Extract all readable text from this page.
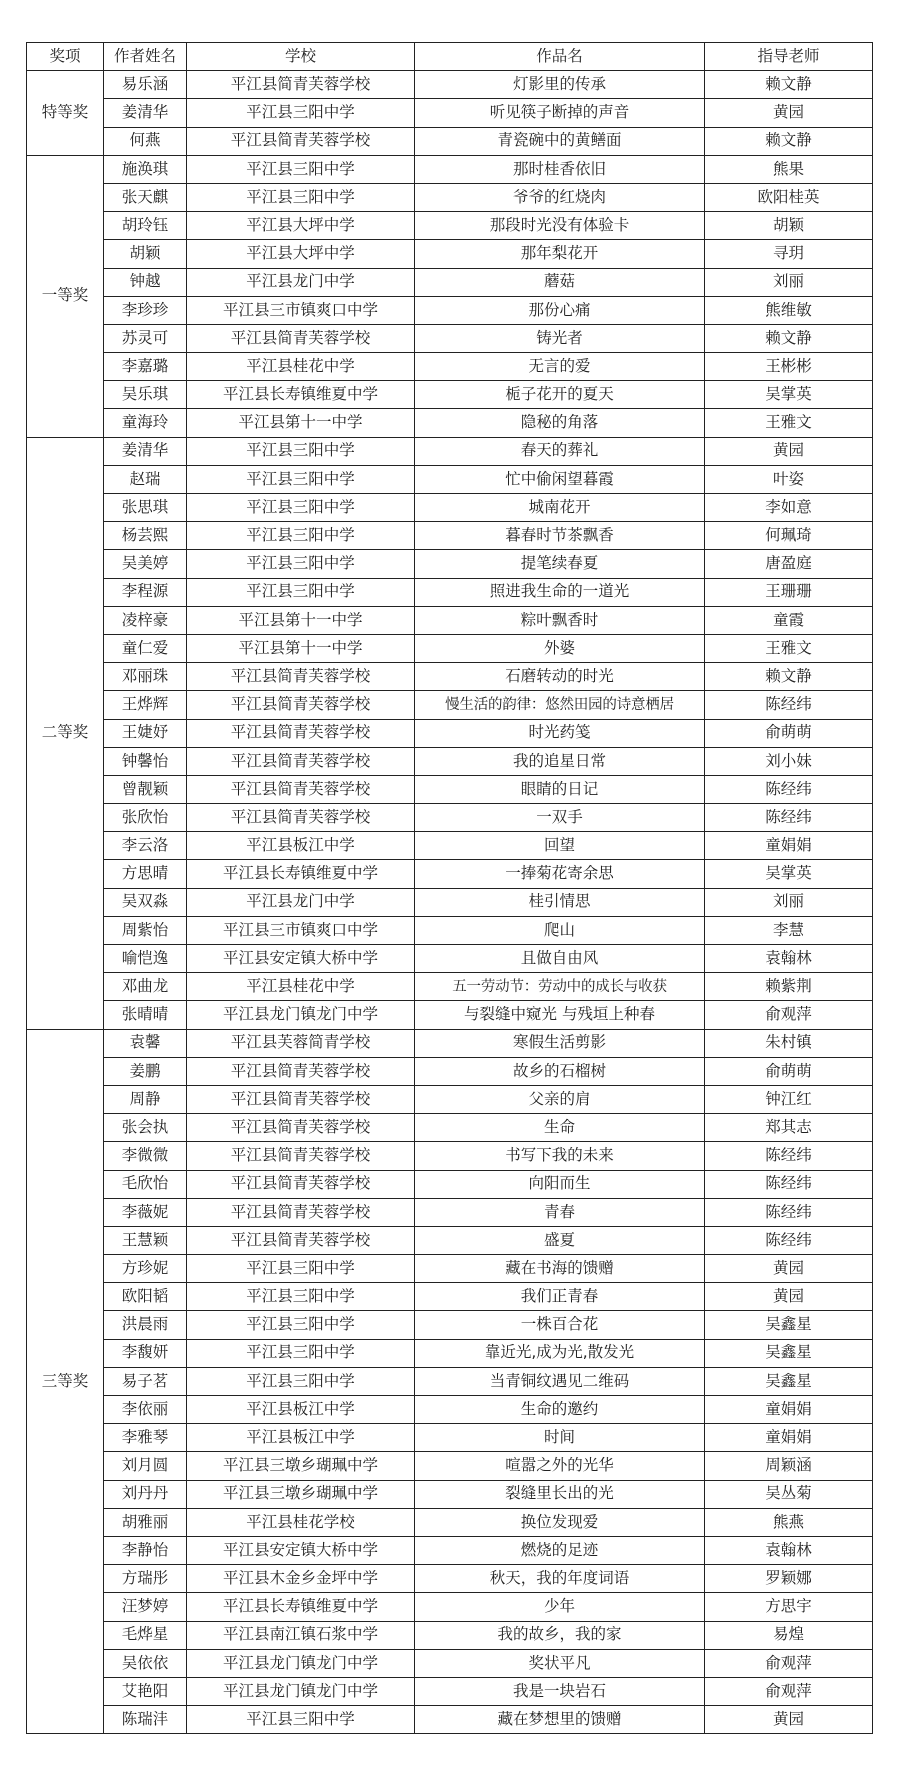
奖项	作者姓名	学校	作品名	指导老师
特等奖	易乐涵	平江县简青芙蓉学校	灯影里的传承	赖文静
	姜清华	平江县三阳中学	听见筷子断掉的声音	黄园
	何燕	平江县简青芙蓉学校	青瓷碗中的黄鳝面	赖文静
一等奖	施涣琪	平江县三阳中学	那时桂香依旧	熊果
	张天麒	平江县三阳中学	爷爷的红烧肉	欧阳桂英
	胡玲钰	平江县大坪中学	那段时光没有体验卡	胡颖
	胡颖	平江县大坪中学	那年梨花开	寻玥
	钟越	平江县龙门中学	蘑菇	刘丽
	李珍珍	平江县三市镇爽口中学	那份心痛	熊维敏
	苏灵可	平江县简青芙蓉学校	铸光者	赖文静
	李嘉璐	平江县桂花中学	无言的爱	王彬彬
	吴乐琪	平江县长寿镇维夏中学	栀子花开的夏天	吴掌英
	童海玲	平江县第十一中学	隐秘的角落	王雅文
二等奖	姜清华	平江县三阳中学	春天的葬礼	黄园
	赵瑞	平江县三阳中学	忙中偷闲望暮霞	叶姿
	张思琪	平江县三阳中学	城南花开	李如意
	杨芸熙	平江县三阳中学	暮春时节茶飘香	何珮琦
	吴美婷	平江县三阳中学	提笔续春夏	唐盈庭
	李程源	平江县三阳中学	照进我生命的一道光	王珊珊
	凌梓豪	平江县第十一中学	粽叶飘香时	童霞
	童仁爱	平江县第十一中学	外婆	王雅文
	邓丽珠	平江县简青芙蓉学校	石磨转动的时光	赖文静
	王烨辉	平江县简青芙蓉学校	慢生活的韵律：悠然田园的诗意栖居	陈经纬
	王婕妤	平江县简青芙蓉学校	时光药笺	俞萌萌
	钟馨怡	平江县简青芙蓉学校	我的追星日常	刘小妹
	曾靓颖	平江县简青芙蓉学校	眼睛的日记	陈经纬
	张欣怡	平江县简青芙蓉学校	一双手	陈经纬
	李云洛	平江县板江中学	回望	童娟娟
	方思晴	平江县长寿镇维夏中学	一捧菊花寄余思	吴掌英
	吴双淼	平江县龙门中学	桂引情思	刘丽
	周紫怡	平江县三市镇爽口中学	爬山	李慧
	喻恺逸	平江县安定镇大桥中学	且做自由风	袁翰林
	邓曲龙	平江县桂花中学	五一劳动节：劳动中的成长与收获	赖紫荆
	张晴晴	平江县龙门镇龙门中学	与裂缝中窥光 与残垣上种春	俞观萍
三等奖	袁馨	平江县芙蓉简青学校	寒假生活剪影	朱村镇
	姜鹏	平江县简青芙蓉学校	故乡的石榴树	俞萌萌
	周静	平江县简青芙蓉学校	父亲的肩	钟江红
	张会执	平江县简青芙蓉学校	生命	郑其志
	李微微	平江县简青芙蓉学校	书写下我的未来	陈经纬
	毛欣怡	平江县简青芙蓉学校	向阳而生	陈经纬
	李薇妮	平江县简青芙蓉学校	青春	陈经纬
	王慧颖	平江县简青芙蓉学校	盛夏	陈经纬
	方珍妮	平江县三阳中学	藏在书海的馈赠	黄园
	欧阳韬	平江县三阳中学	我们正青春	黄园
	洪晨雨	平江县三阳中学	一株百合花	吴鑫星
	李馥妍	平江县三阳中学	靠近光,成为光,散发光	吴鑫星
	易子茗	平江县三阳中学	当青铜纹遇见二维码	吴鑫星
	李依丽	平江县板江中学	生命的邀约	童娟娟
	李雅琴	平江县板江中学	时间	童娟娟
	刘月圆	平江县三墩乡瑚珮中学	喧嚣之外的光华	周颖涵
	刘丹丹	平江县三墩乡瑚珮中学	裂缝里长出的光	吴丛菊
	胡雅丽	平江县桂花学校	换位发现爱	熊燕
	李静怡	平江县安定镇大桥中学	燃烧的足迹	袁翰林
	方瑞彤	平江县木金乡金坪中学	秋天，我的年度词语	罗颖娜
	汪梦婷	平江县长寿镇维夏中学	少年	方思宇
	毛烨星	平江县南江镇石浆中学	我的故乡，我的家	易煌
	吴依依	平江县龙门镇龙门中学	奖状平凡	俞观萍
	艾艳阳	平江县龙门镇龙门中学	我是一块岩石	俞观萍
	陈瑞沣	平江县三阳中学	藏在梦想里的馈赠	黄园
